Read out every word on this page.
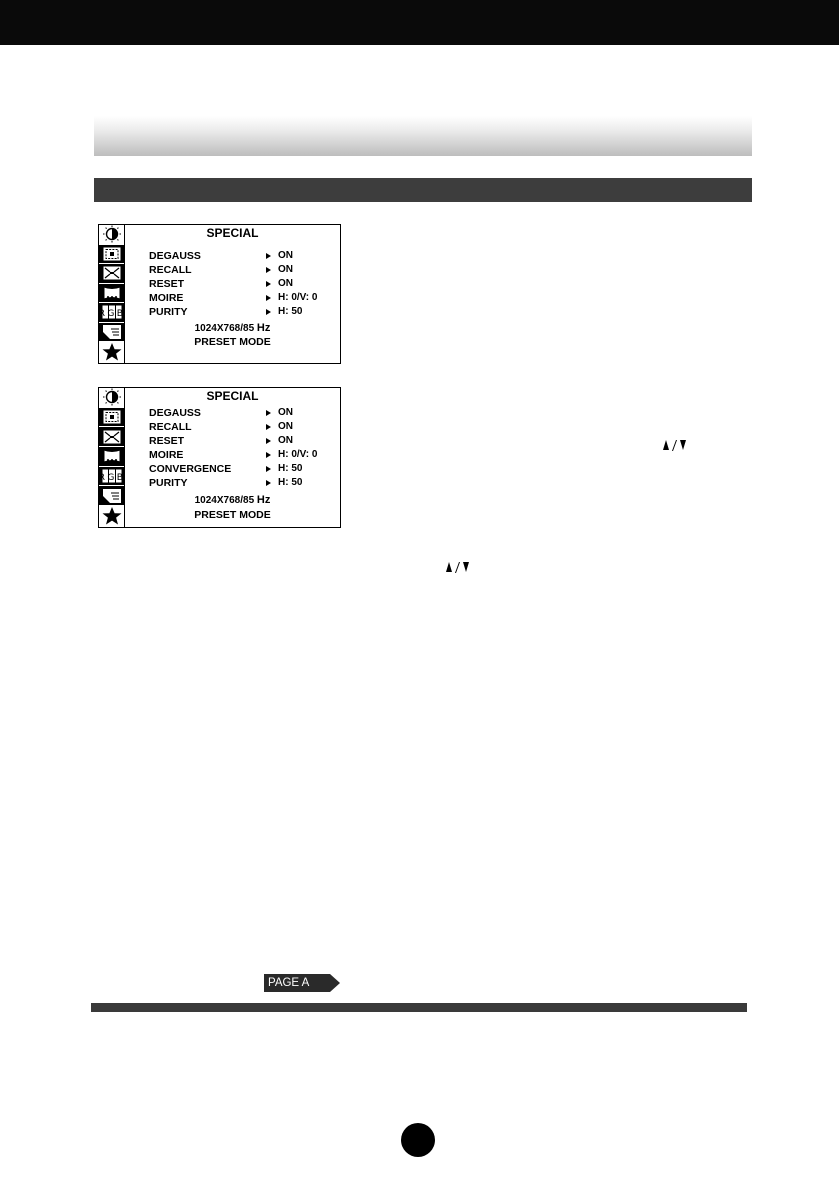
RGB
SPECIAL
DEGAUSS	ON
RECALL	ON
RESET	ON
MOIRE	H: 0/V: 0
PURITY	H: 50
1024X768/85 Hz
PRESET MODE
RGB
SPECIAL
DEGAUSS	ON
RECALL	ON
RESET	ON
MOIRE	H: 0/V: 0
CONVERGENCE	H: 50
PURITY	H: 50
1024X768/85 Hz
PRESET MODE
PAGE A
